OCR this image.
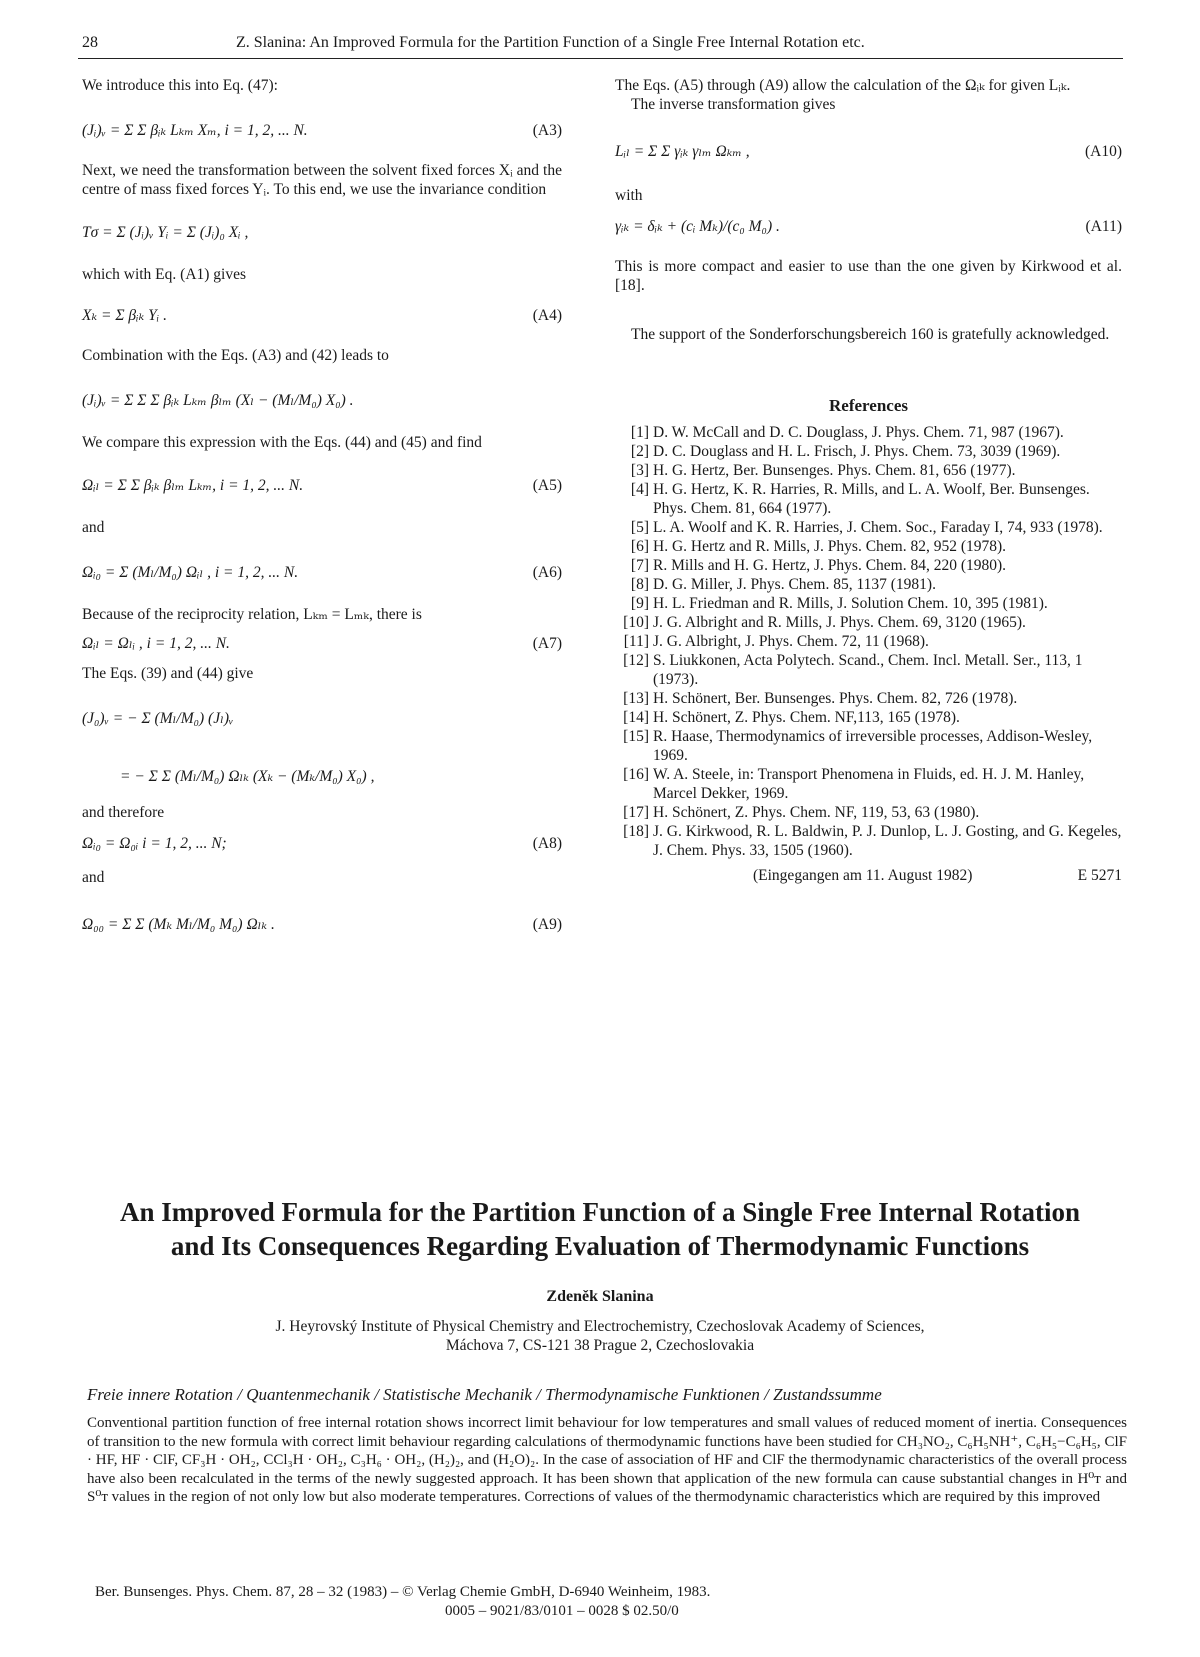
28	Z. Slanina: An Improved Formula for the Partition Function of a Single Free Internal Rotation etc.

We introduce this into Eq. (47):

(Jᵢ)ᵥ = Σ Σ βᵢₖ Lₖₘ Xₘ, i = 1, 2, ... N.	(A3)

Next, we need the transformation between the solvent fixed forces Xᵢ and the centre of mass fixed forces Yᵢ. To this end, we use the invariance condition

Tσ = Σ (Jᵢ)ᵥ Yᵢ = Σ (Jᵢ)₀ Xᵢ ,

which with Eq. (A1) gives

Xₖ = Σ βᵢₖ Yᵢ .	(A4)

Combination with the Eqs. (A3) and (42) leads to

(Jᵢ)ᵥ = Σ Σ Σ βᵢₖ Lₖₘ βₗₘ (Xₗ − (Mₗ/M₀) X₀) .

We compare this expression with the Eqs. (44) and (45) and find

Ωᵢₗ = Σ Σ βᵢₖ βₗₘ Lₖₘ, i = 1, 2, ... N.	(A5)

and

Ωᵢ₀ = Σ (Mₗ/M₀) Ωᵢₗ , i = 1, 2, ... N.	(A6)

Because of the reciprocity relation, Lₖₘ = Lₘₖ, there is

Ωᵢₗ = Ωₗᵢ , i = 1, 2, ... N.	(A7)

The Eqs. (39) and (44) give

(J₀)ᵥ = − Σ (Mₗ/M₀) (Jₗ)ᵥ
= − Σ Σ (Mₗ/M₀) Ωₗₖ (Xₖ − (Mₖ/M₀) X₀) ,

and therefore

Ωᵢ₀ = Ω₀ᵢ i = 1, 2, ... N;	(A8)

and

Ω₀₀ = Σ Σ (Mₖ Mₗ/M₀ M₀) Ωₗₖ .	(A9)

The Eqs. (A5) through (A9) allow the calculation of the Ωᵢₖ for given Lᵢₖ.

The inverse transformation gives

Lᵢₗ = Σ Σ γᵢₖ γₗₘ Ωₖₘ ,	(A10)

with

γᵢₖ = δᵢₖ + (cᵢ Mₖ)/(c₀ M₀) .	(A11)

This is more compact and easier to use than the one given by Kirkwood et al. [18].

The support of the Sonderforschungsbereich 160 is gratefully acknowledged.

References

[1] D. W. McCall and D. C. Douglass, J. Phys. Chem. 71, 987 (1967).
[2] D. C. Douglass and H. L. Frisch, J. Phys. Chem. 73, 3039 (1969).
[3] H. G. Hertz, Ber. Bunsenges. Phys. Chem. 81, 656 (1977).
[4] H. G. Hertz, K. R. Harries, R. Mills, and L. A. Woolf, Ber. Bunsenges. Phys. Chem. 81, 664 (1977).
[5] L. A. Woolf and K. R. Harries, J. Chem. Soc., Faraday I, 74, 933 (1978).
[6] H. G. Hertz and R. Mills, J. Phys. Chem. 82, 952 (1978).
[7] R. Mills and H. G. Hertz, J. Phys. Chem. 84, 220 (1980).
[8] D. G. Miller, J. Phys. Chem. 85, 1137 (1981).
[9] H. L. Friedman and R. Mills, J. Solution Chem. 10, 395 (1981).
[10] J. G. Albright and R. Mills, J. Phys. Chem. 69, 3120 (1965).
[11] J. G. Albright, J. Phys. Chem. 72, 11 (1968).
[12] S. Liukkonen, Acta Polytech. Scand., Chem. Incl. Metall. Ser., 113, 1 (1973).
[13] H. Schönert, Ber. Bunsenges. Phys. Chem. 82, 726 (1978).
[14] H. Schönert, Z. Phys. Chem. NF,113, 165 (1978).
[15] R. Haase, Thermodynamics of irreversible processes, Addison-Wesley, 1969.
[16] W. A. Steele, in: Transport Phenomena in Fluids, ed. H. J. M. Hanley, Marcel Dekker, 1969.
[17] H. Schönert, Z. Phys. Chem. NF, 119, 53, 63 (1980).
[18] J. G. Kirkwood, R. L. Baldwin, P. J. Dunlop, L. J. Gosting, and G. Kegeles, J. Chem. Phys. 33, 1505 (1960).
(Eingegangen am 11. August 1982)	E 5271
An Improved Formula for the Partition Function of a Single Free Internal Rotation
and Its Consequences Regarding Evaluation of Thermodynamic Functions
Zdeněk Slanina
J. Heyrovský Institute of Physical Chemistry and Electrochemistry, Czechoslovak Academy of Sciences,
Máchova 7, CS-121 38 Prague 2, Czechoslovakia
Freie innere Rotation / Quantenmechanik / Statistische Mechanik / Thermodynamische Funktionen / Zustandssumme
Conventional partition function of free internal rotation shows incorrect limit behaviour for low temperatures and small values of reduced moment of inertia. Consequences of transition to the new formula with correct limit behaviour regarding calculations of thermodynamic functions have been studied for CH₃NO₂, C₆H₅NH⁺, C₆H₅−C₆H₅, ClF · HF, HF · ClF, CF₃H · OH₂, CCl₃H · OH₂, C₃H₆ · OH₂, (H₂)₂, and (H₂O)₂. In the case of association of HF and ClF the thermodynamic characteristics of the overall process have also been recalculated in the terms of the newly suggested approach. It has been shown that application of the new formula can cause substantial changes in H⁰ᴛ and S⁰ᴛ values in the region of not only low but also moderate temperatures. Corrections of values of the thermodynamic characteristics which are required by this improved
Ber. Bunsenges. Phys. Chem. 87, 28 – 32 (1983) – © Verlag Chemie GmbH, D-6940 Weinheim, 1983.
0005 – 9021/83/0101 – 0028 $ 02.50/0
